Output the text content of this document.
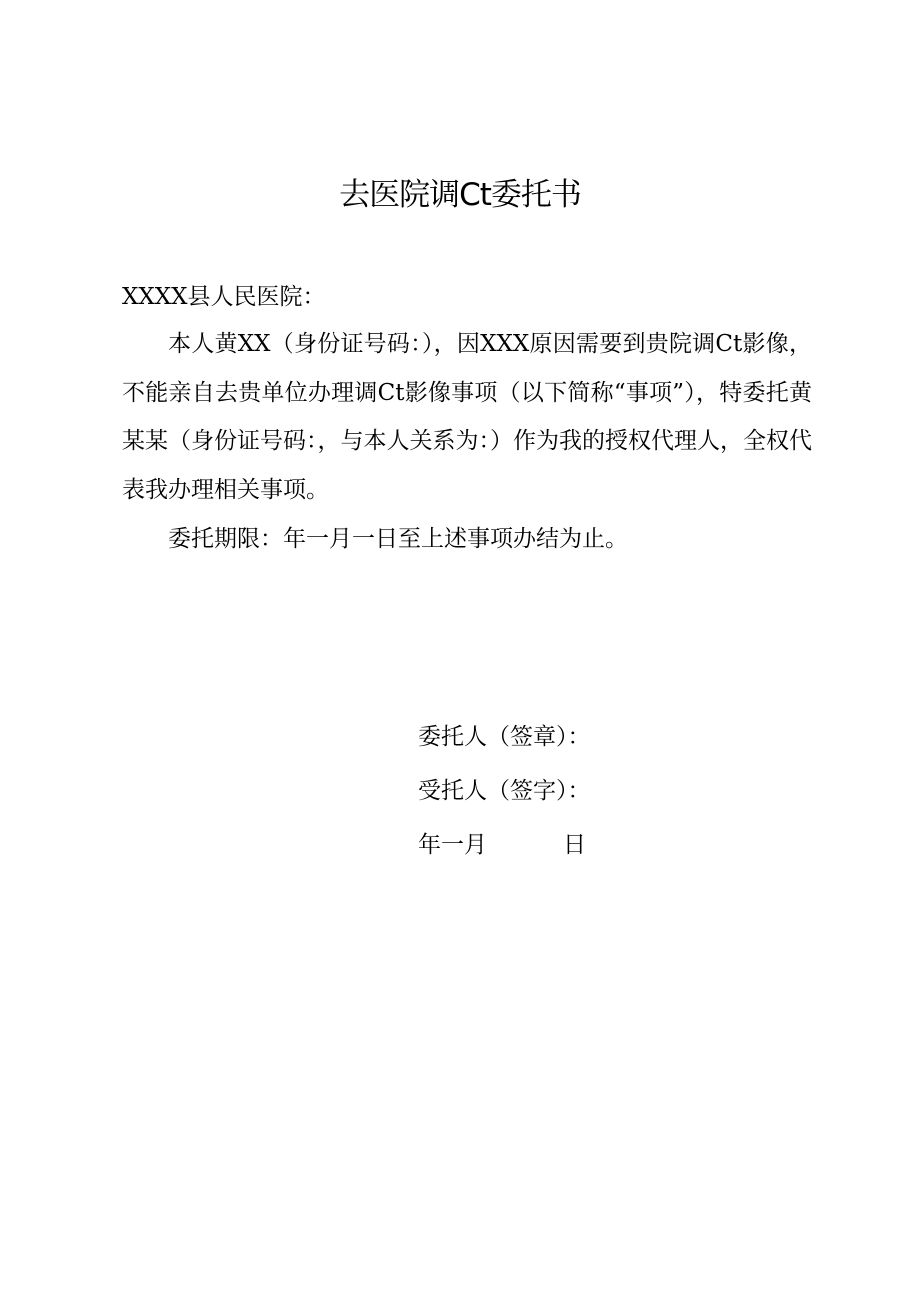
去医院调Ct委托书
XXXX县人民医院：

本人黄XX（身份证号码：），因XXX原因需要到贵院调Ct影像，不能亲自去贵单位办理调Ct影像事项（以下简称“事项”），特委托黄某某（身份证号码：，与本人关系为：）作为我的授权代理人，全权代表我办理相关事项。

委托期限：年一月一日至上述事项办结为止。

委托人（签章）：
受托人（签字）：
年一月	日
